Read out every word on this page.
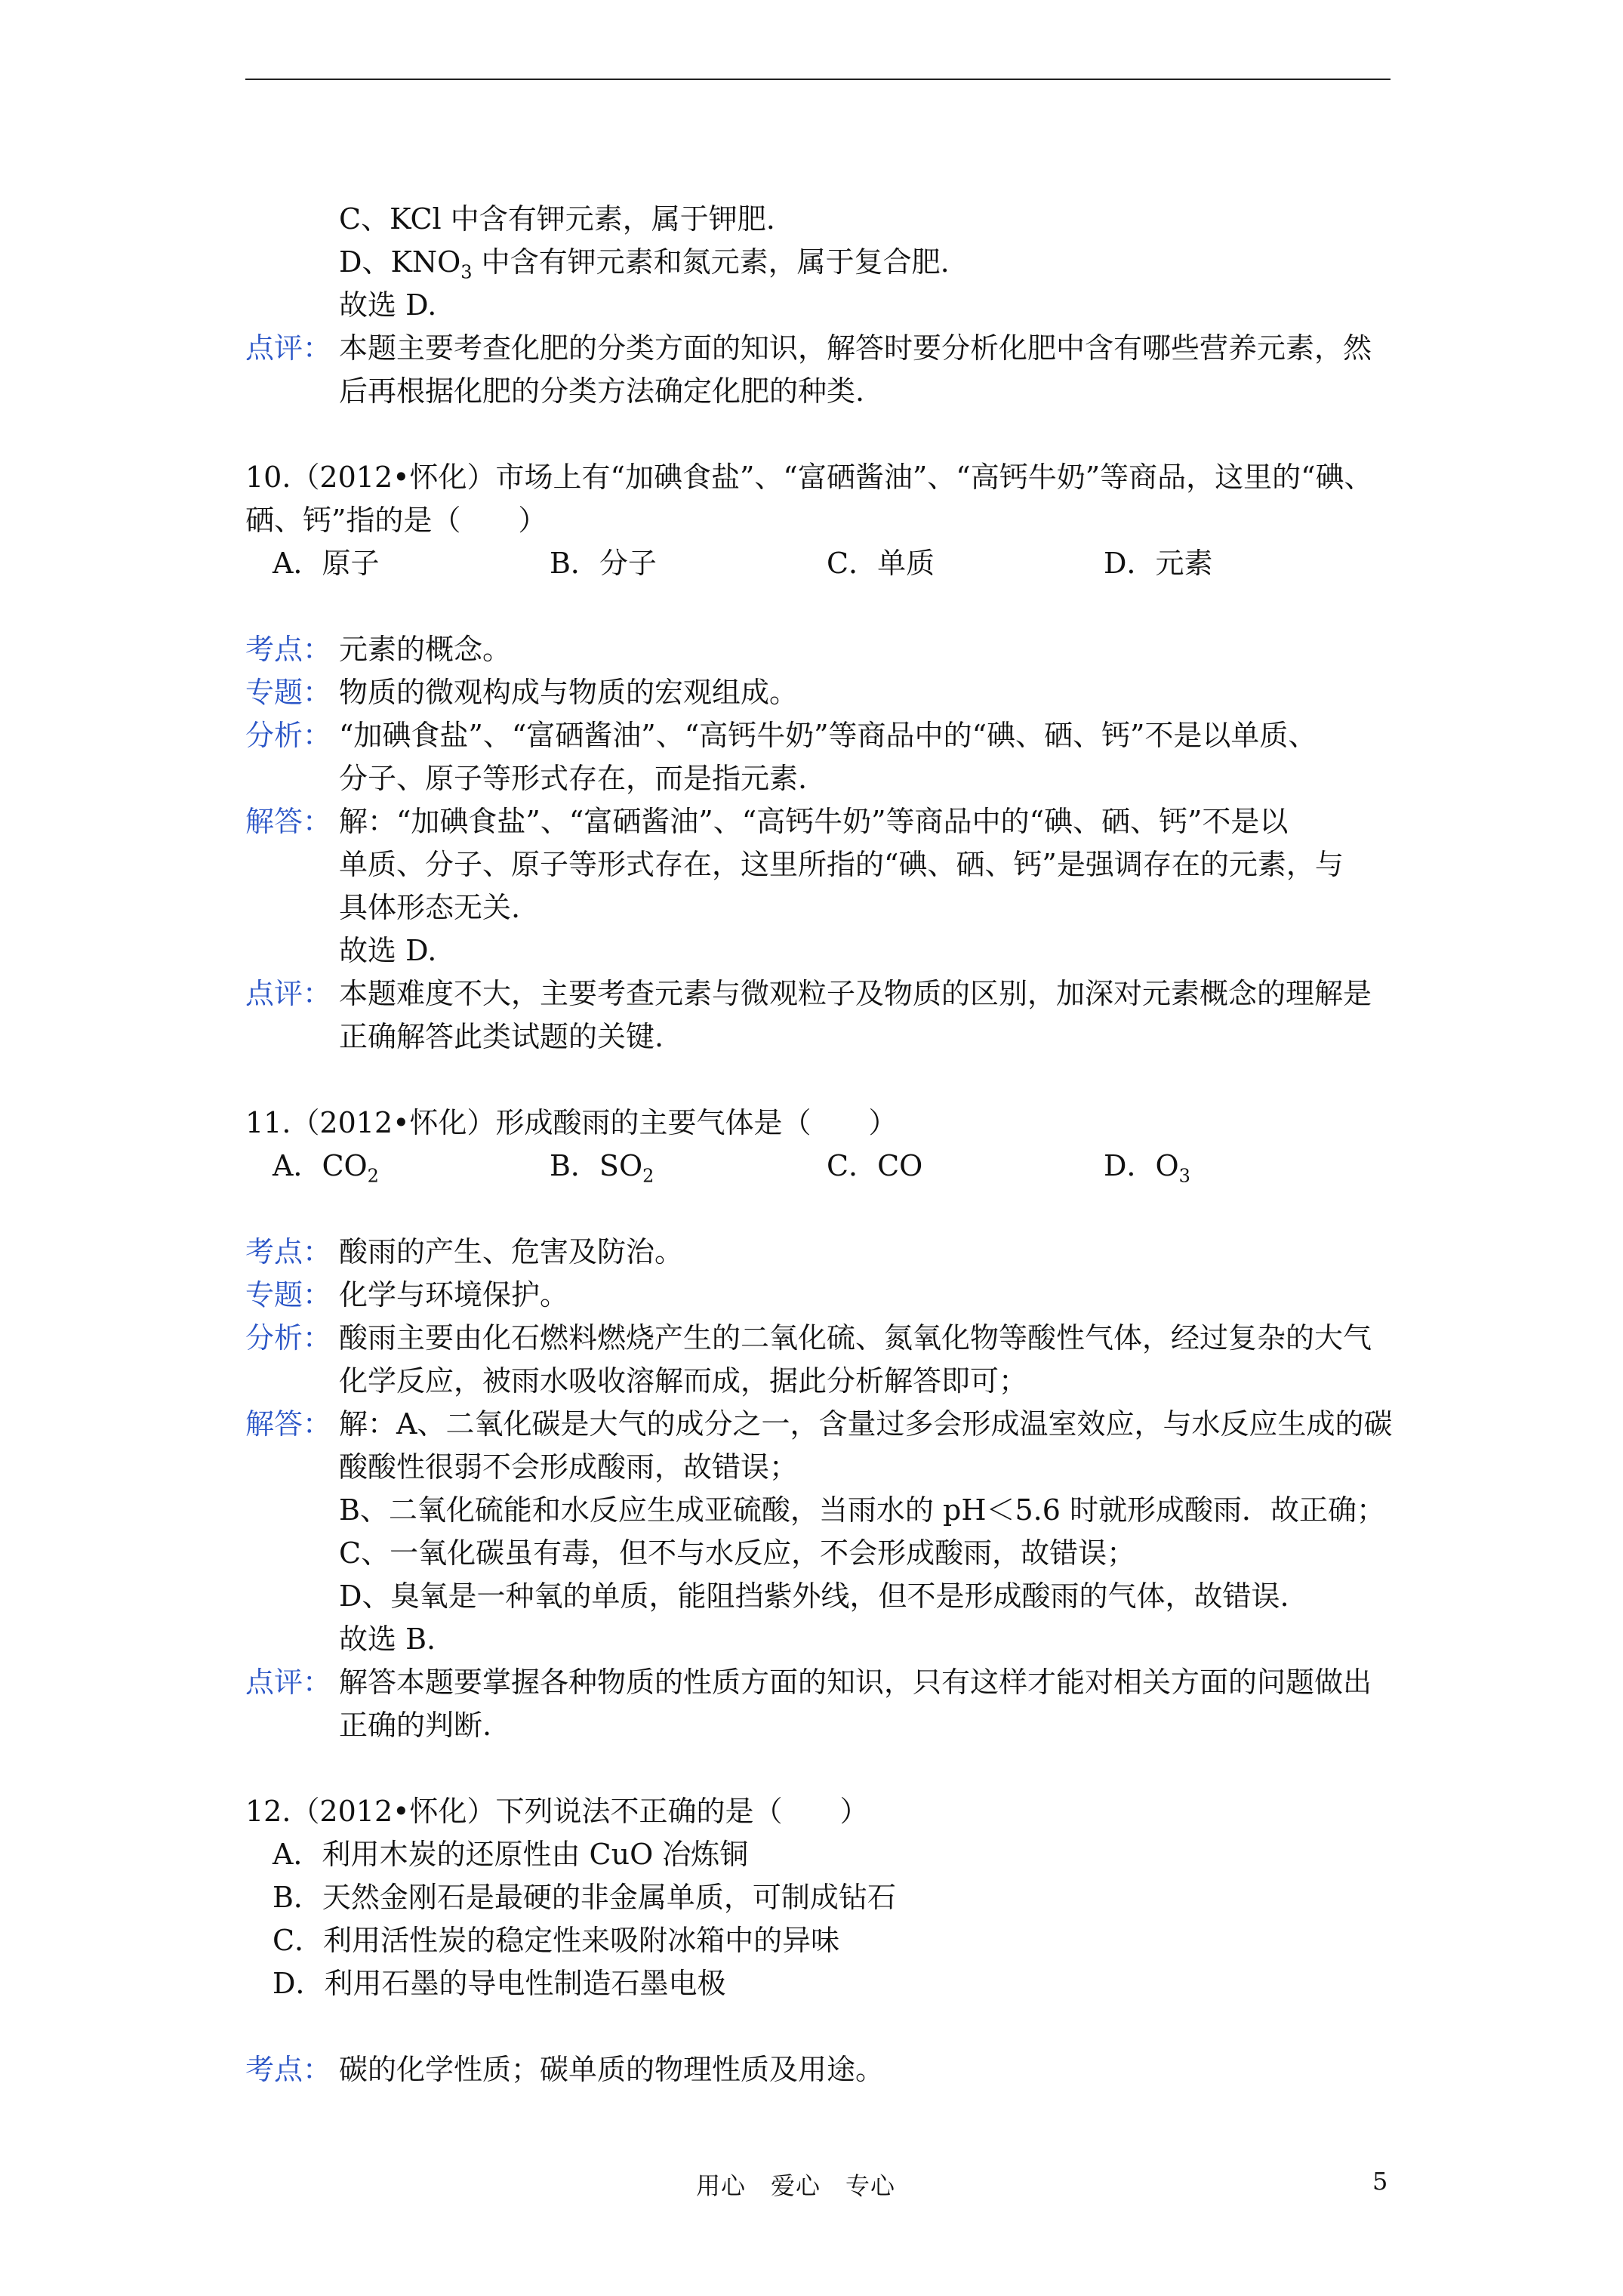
C、KCl 中含有钾元素，属于钾肥.
D、$KNO_3$ 中含有钾元素和氮元素，属于复合肥.
故选 D.
点评： 本题主要考查化肥的分类方面的知识，解答时要分析化肥中含有哪些营养元素，然
后再根据化肥的分类方法确定化肥的种类.
10.（2012•怀化）市场上有“加碘食盐”、“富硒酱油”、“高钙牛奶”等商品，这里的“碘、
硒、钙”指的是（　　）
A．原子	B．分子	C．单质	D．元素
考点： 元素的概念。
专题： 物质的微观构成与物质的宏观组成。
分析： “加碘食盐”、“富硒酱油”、“高钙牛奶”等商品中的“碘、硒、钙”不是以单质、
分子、原子等形式存在，而是指元素.
解答： 解：“加碘食盐”、“富硒酱油”、“高钙牛奶”等商品中的“碘、硒、钙”不是以
单质、分子、原子等形式存在，这里所指的“碘、硒、钙”是强调存在的元素，与
具体形态无关.
故选 D.
点评： 本题难度不大，主要考查元素与微观粒子及物质的区别，加深对元素概念的理解是
正确解答此类试题的关键.
11.（2012•怀化）形成酸雨的主要气体是（　　）
A．$CO_2$	B．$SO_2$	C．CO	D．$O_3$
考点： 酸雨的产生、危害及防治。
专题： 化学与环境保护。
分析： 酸雨主要由化石燃料燃烧产生的二氧化硫、氮氧化物等酸性气体，经过复杂的大气
化学反应，被雨水吸收溶解而成，据此分析解答即可；
解答： 解：A、二氧化碳是大气的成分之一，含量过多会形成温室效应，与水反应生成的碳
酸酸性很弱不会形成酸雨，故错误；
B、二氧化硫能和水反应生成亚硫酸，当雨水的 pH＜5.6 时就形成酸雨．故正确；
C、一氧化碳虽有毒，但不与水反应，不会形成酸雨，故错误；
D、臭氧是一种氧的单质，能阻挡紫外线，但不是形成酸雨的气体，故错误.
故选 B.
点评： 解答本题要掌握各种物质的性质方面的知识，只有这样才能对相关方面的问题做出
正确的判断.
12.（2012•怀化）下列说法不正确的是（　　）
A．利用木炭的还原性由 CuO 冶炼铜
B．天然金刚石是最硬的非金属单质，可制成钻石
C．利用活性炭的稳定性来吸附冰箱中的异味
D．利用石墨的导电性制造石墨电极
考点： 碳的化学性质；碳单质的物理性质及用途。
用心　爱心　专心	5
